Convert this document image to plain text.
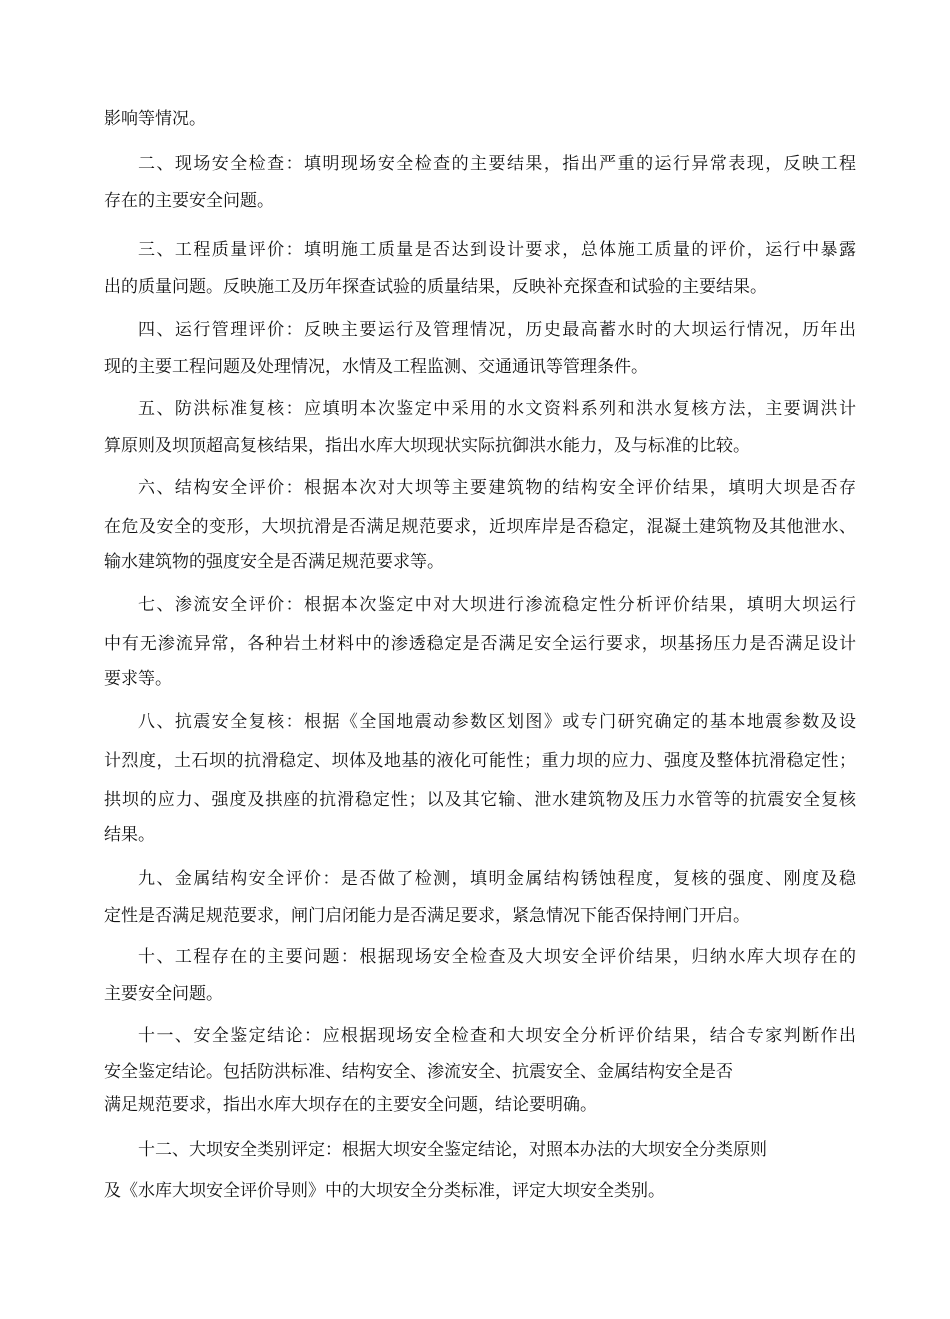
影响等情况。
二、现场安全检查：填明现场安全检查的主要结果，指出严重的运行异常表现，反映工程
存在的主要安全问题。
三、工程质量评价：填明施工质量是否达到设计要求，总体施工质量的评价，运行中暴露
出的质量问题。反映施工及历年探查试验的质量结果，反映补充探查和试验的主要结果。
四、运行管理评价：反映主要运行及管理情况，历史最高蓄水时的大坝运行情况，历年出
现的主要工程问题及处理情况，水情及工程监测、交通通讯等管理条件。
五、防洪标准复核：应填明本次鉴定中采用的水文资料系列和洪水复核方法，主要调洪计
算原则及坝顶超高复核结果，指出水库大坝现状实际抗御洪水能力，及与标准的比较。
六、结构安全评价：根据本次对大坝等主要建筑物的结构安全评价结果，填明大坝是否存
在危及安全的变形，大坝抗滑是否满足规范要求，近坝库岸是否稳定，混凝土建筑物及其他泄水、
输水建筑物的强度安全是否满足规范要求等。
七、渗流安全评价：根据本次鉴定中对大坝进行渗流稳定性分析评价结果，填明大坝运行
中有无渗流异常，各种岩土材料中的渗透稳定是否满足安全运行要求，坝基扬压力是否满足设计
要求等。
八、抗震安全复核：根据《全国地震动参数区划图》或专门研究确定的基本地震参数及设
计烈度，土石坝的抗滑稳定、坝体及地基的液化可能性；重力坝的应力、强度及整体抗滑稳定性；
拱坝的应力、强度及拱座的抗滑稳定性；以及其它输、泄水建筑物及压力水管等的抗震安全复核
结果。
九、金属结构安全评价：是否做了检测，填明金属结构锈蚀程度，复核的强度、刚度及稳
定性是否满足规范要求，闸门启闭能力是否满足要求，紧急情况下能否保持闸门开启。
十、工程存在的主要问题：根据现场安全检查及大坝安全评价结果，归纳水库大坝存在的
主要安全问题。
十一、安全鉴定结论：应根据现场安全检查和大坝安全分析评价结果，结合专家判断作出
安全鉴定结论。包括防洪标准、结构安全、渗流安全、抗震安全、金属结构安全是否
满足规范要求，指出水库大坝存在的主要安全问题，结论要明确。
十二、大坝安全类别评定：根据大坝安全鉴定结论，对照本办法的大坝安全分类原则
及《水库大坝安全评价导则》中的大坝安全分类标准，评定大坝安全类别。
